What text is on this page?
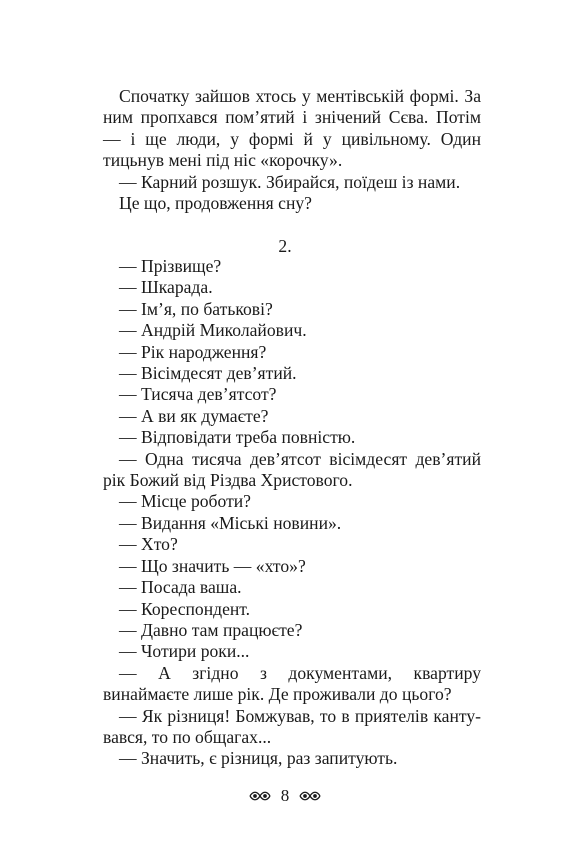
Спочатку зайшов хтось у ментівській формі. За ним пропхався пом’ятий і знічений Сєва. Потім — і ще люди, у формі й у цивільному. Один тицьнув мені під ніс «корочку».

— Карний розшук. Збирайся, поїдеш із нами.

Це що, продовження сну?

2.

— Прізвище?

— Шкарада.

— Ім’я, по батькові?

— Андрій Миколайович.

— Рік народження?

— Вісімдесят дев’ятий.

— Тисяча дев’ятсот?

— А ви як думаєте?

— Відповідати треба повністю.

— Одна тисяча дев’ятсот вісімдесят дев’ятий рік Божий від Різдва Христового.

— Місце роботи?

— Видання «Міські новини».

— Хто?

— Що значить — «хто»?

— Посада ваша.

— Кореспондент.

— Давно там працюєте?

— Чотири роки...

— А згідно з документами, квартиру винаймаєте лише рік. Де проживали до цього?

— Як різниця! Бомжував, то в приятелів кантувався, то по общагах...

— Значить, є різниця, раз запитують.

8
